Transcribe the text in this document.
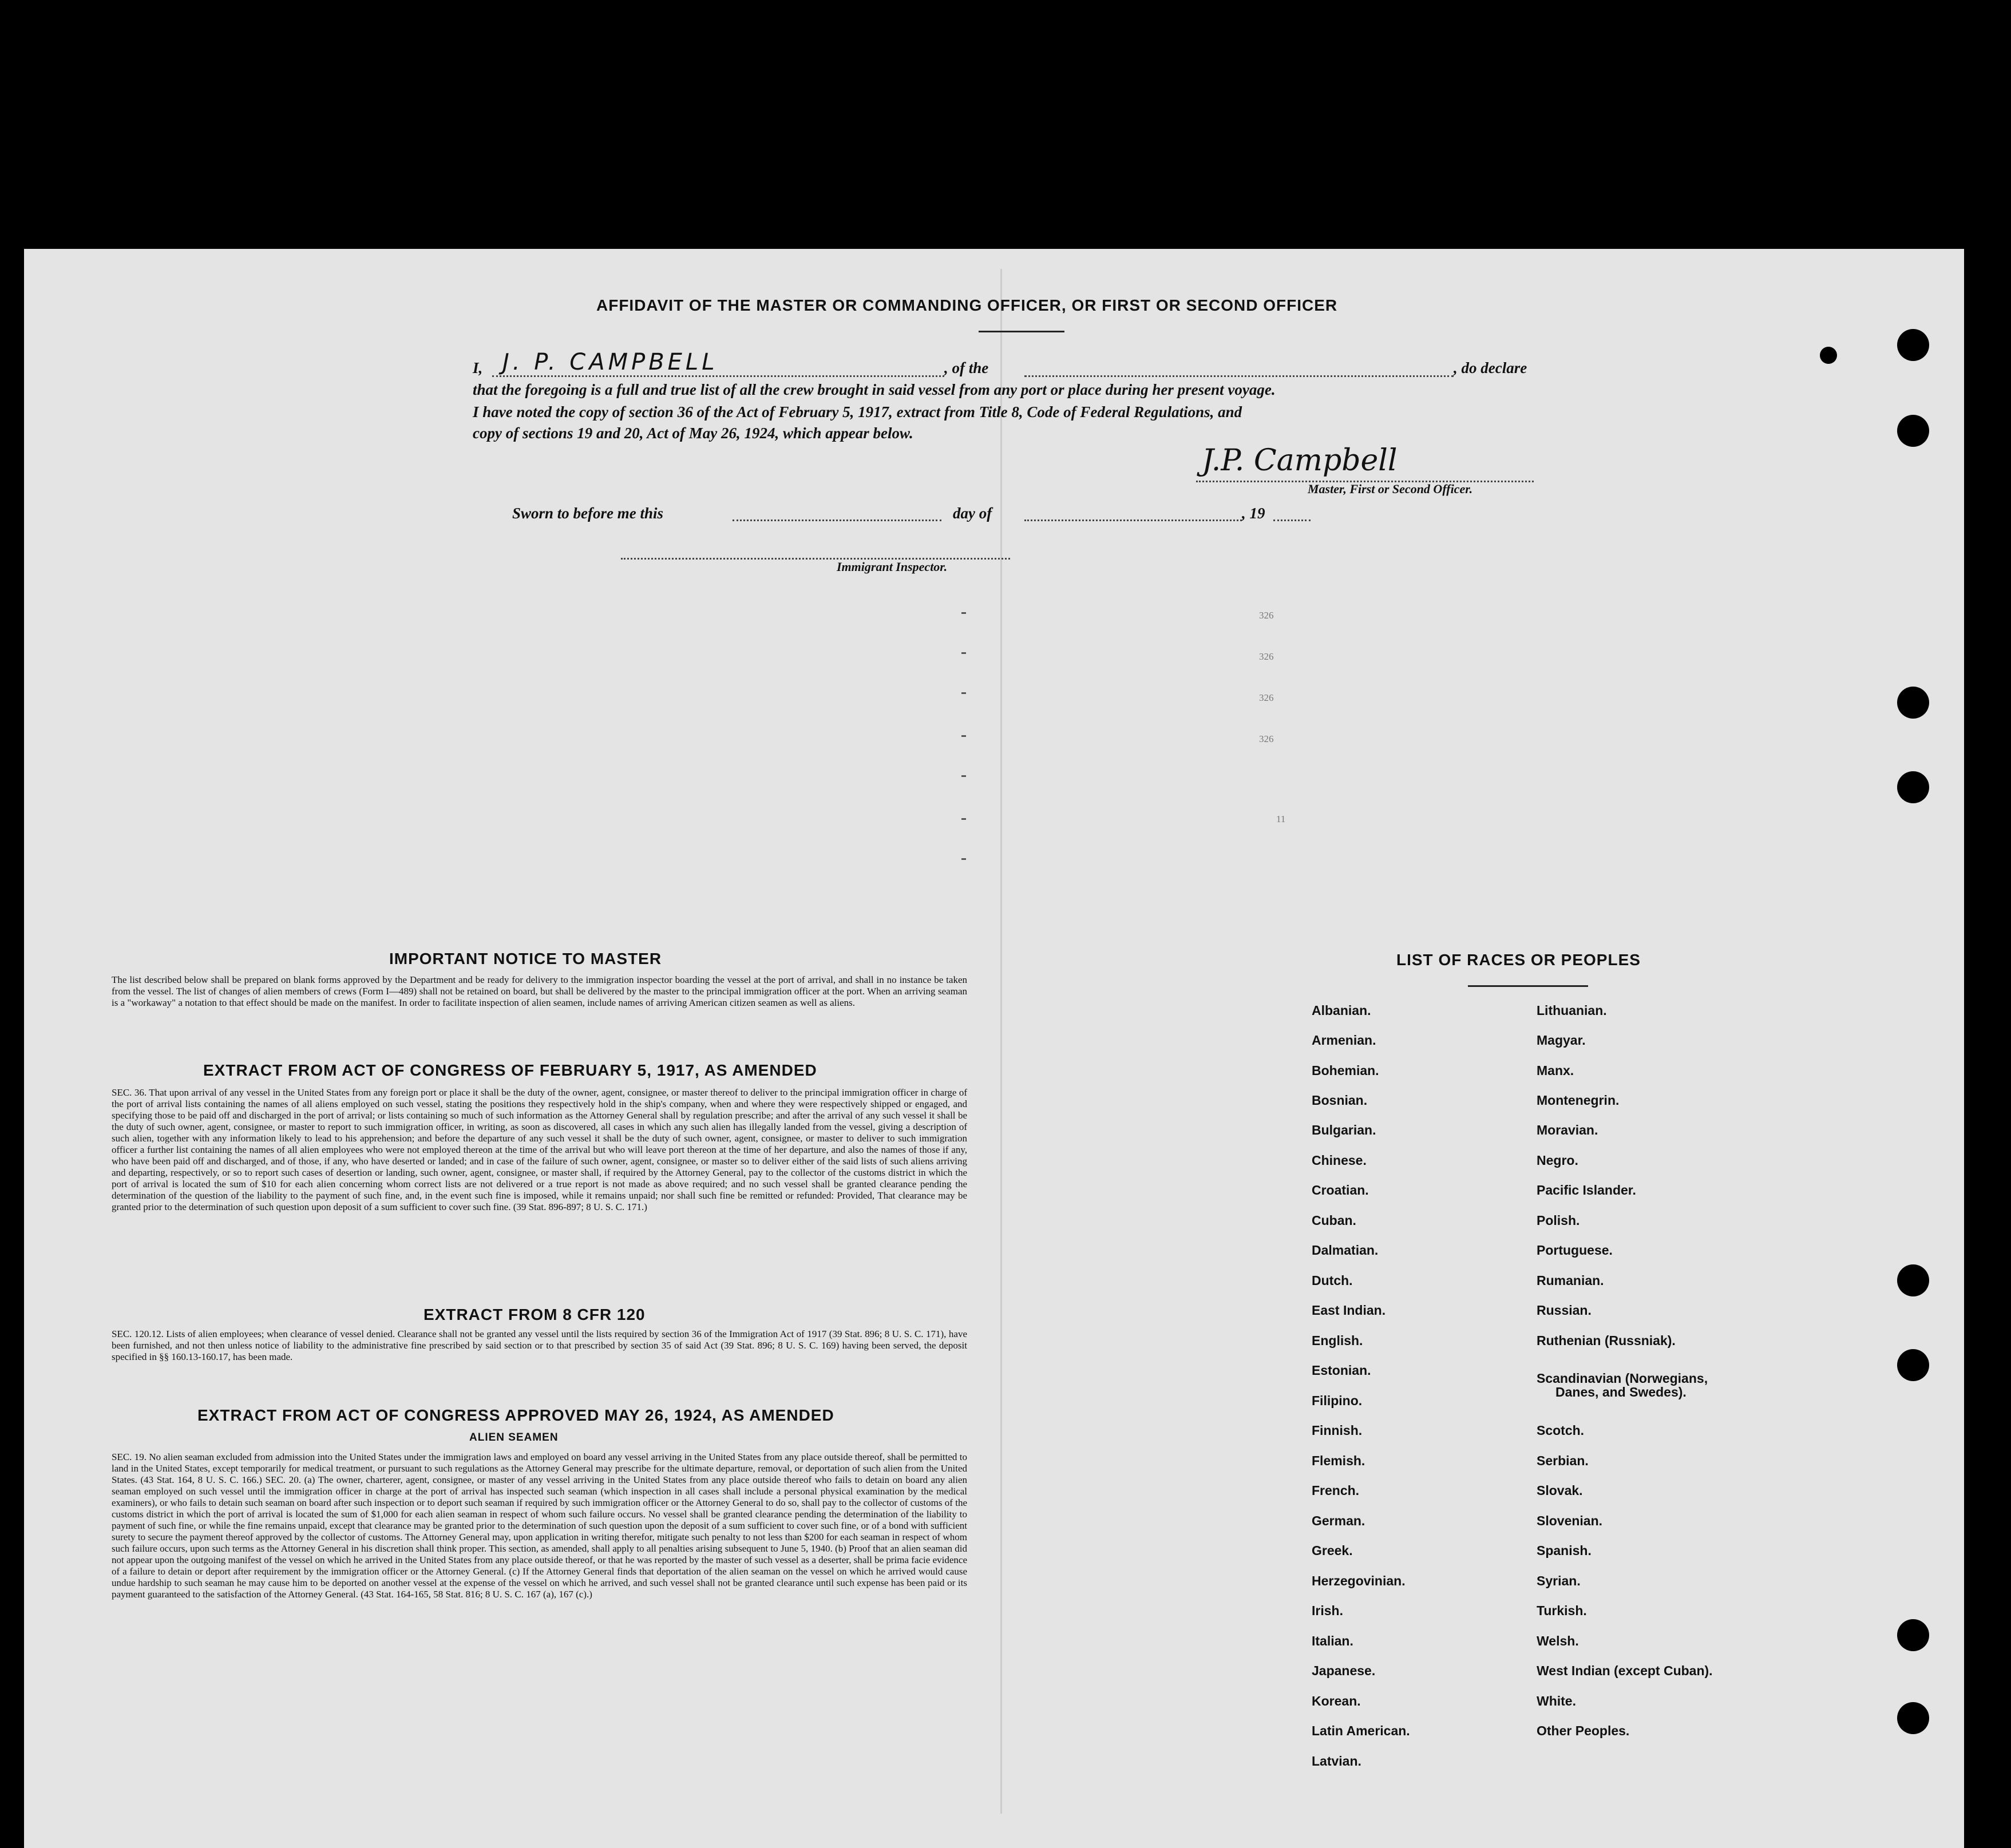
AFFIDAVIT OF THE MASTER OR COMMANDING OFFICER, OR FIRST OR SECOND OFFICER
I, J. P. CAMPBELL	, of the	, do declare
that the foregoing is a full and true list of all the crew brought in said vessel from any port or place during her present voyage.
I have noted the copy of section 36 of the Act of February 5, 1917, extract from Title 8, Code of Federal Regulations, and
copy of sections 19 and 20, Act of May 26, 1924, which appear below.
J.P. Campbell
Master, First or Second Officer.
Sworn to before me this	day of	, 19
Immigrant Inspector.
326
326
326
326
11
IMPORTANT NOTICE TO MASTER
The list described below shall be prepared on blank forms approved by the Department and be ready for delivery to the immigration inspector boarding the vessel at the port of arrival, and shall in no instance be taken from the vessel. The list of changes of alien members of crews (Form I—489) shall not be retained on board, but shall be delivered by the master to the principal immigration officer at the port. When an arriving seaman is a "workaway" a notation to that effect should be made on the manifest. In order to facilitate inspection of alien seamen, include names of arriving American citizen seamen as well as aliens.
EXTRACT FROM ACT OF CONGRESS OF FEBRUARY 5, 1917, AS AMENDED
SEC. 36. That upon arrival of any vessel in the United States from any foreign port or place it shall be the duty of the owner, agent, consignee, or master thereof to deliver to the principal immigration officer in charge of the port of arrival lists containing the names of all aliens employed on such vessel, stating the positions they respectively hold in the ship's company, when and where they were respectively shipped or engaged, and specifying those to be paid off and discharged in the port of arrival; or lists containing so much of such information as the Attorney General shall by regulation prescribe; and after the arrival of any such vessel it shall be the duty of such owner, agent, consignee, or master to report to such immigration officer, in writing, as soon as discovered, all cases in which any such alien has illegally landed from the vessel, giving a description of such alien, together with any information likely to lead to his apprehension; and before the departure of any such vessel it shall be the duty of such owner, agent, consignee, or master to deliver to such immigration officer a further list containing the names of all alien employees who were not employed thereon at the time of the arrival but who will leave port thereon at the time of her departure, and also the names of those if any, who have been paid off and discharged, and of those, if any, who have deserted or landed; and in case of the failure of such owner, agent, consignee, or master so to deliver either of the said lists of such aliens arriving and departing, respectively, or so to report such cases of desertion or landing, such owner, agent, consignee, or master shall, if required by the Attorney General, pay to the collector of the customs district in which the port of arrival is located the sum of $10 for each alien concerning whom correct lists are not delivered or a true report is not made as above required; and no such vessel shall be granted clearance pending the determination of the question of the liability to the payment of such fine, and, in the event such fine is imposed, while it remains unpaid; nor shall such fine be remitted or refunded: Provided, That clearance may be granted prior to the determination of such question upon deposit of a sum sufficient to cover such fine. (39 Stat. 896-897; 8 U. S. C. 171.)
EXTRACT FROM 8 CFR 120
SEC. 120.12. Lists of alien employees; when clearance of vessel denied. Clearance shall not be granted any vessel until the lists required by section 36 of the Immigration Act of 1917 (39 Stat. 896; 8 U. S. C. 171), have been furnished, and not then unless notice of liability to the administrative fine prescribed by said section or to that prescribed by section 35 of said Act (39 Stat. 896; 8 U. S. C. 169) having been served, the deposit specified in §§ 160.13-160.17, has been made.
EXTRACT FROM ACT OF CONGRESS APPROVED MAY 26, 1924, AS AMENDED
ALIEN SEAMEN
SEC. 19. No alien seaman excluded from admission into the United States under the immigration laws and employed on board any vessel arriving in the United States from any place outside thereof, shall be permitted to land in the United States, except temporarily for medical treatment, or pursuant to such regulations as the Attorney General may prescribe for the ultimate departure, removal, or deportation of such alien from the United States. (43 Stat. 164, 8 U. S. C. 166.) SEC. 20. (a) The owner, charterer, agent, consignee, or master of any vessel arriving in the United States from any place outside thereof who fails to detain on board any alien seaman employed on such vessel until the immigration officer in charge at the port of arrival has inspected such seaman (which inspection in all cases shall include a personal physical examination by the medical examiners), or who fails to detain such seaman on board after such inspection or to deport such seaman if required by such immigration officer or the Attorney General to do so, shall pay to the collector of customs of the customs district in which the port of arrival is located the sum of $1,000 for each alien seaman in respect of whom such failure occurs. No vessel shall be granted clearance pending the determination of the liability to payment of such fine, or while the fine remains unpaid, except that clearance may be granted prior to the determination of such question upon the deposit of a sum sufficient to cover such fine, or of a bond with sufficient surety to secure the payment thereof approved by the collector of customs. The Attorney General may, upon application in writing therefor, mitigate such penalty to not less than $200 for each seaman in respect of whom such failure occurs, upon such terms as the Attorney General in his discretion shall think proper. This section, as amended, shall apply to all penalties arising subsequent to June 5, 1940. (b) Proof that an alien seaman did not appear upon the outgoing manifest of the vessel on which he arrived in the United States from any place outside thereof, or that he was reported by the master of such vessel as a deserter, shall be prima facie evidence of a failure to detain or deport after requirement by the immigration officer or the Attorney General. (c) If the Attorney General finds that deportation of the alien seaman on the vessel on which he arrived would cause undue hardship to such seaman he may cause him to be deported on another vessel at the expense of the vessel on which he arrived, and such vessel shall not be granted clearance until such expense has been paid or its payment guaranteed to the satisfaction of the Attorney General. (43 Stat. 164-165, 58 Stat. 816; 8 U. S. C. 167 (a), 167 (c).)
LIST OF RACES OR PEOPLES
Albanian.
Armenian.
Bohemian.
Bosnian.
Bulgarian.
Chinese.
Croatian.
Cuban.
Dalmatian.
Dutch.
East Indian.
English.
Estonian.
Filipino.
Finnish.
Flemish.
French.
German.
Greek.
Herzegovinian.
Irish.
Italian.
Japanese.
Korean.
Latin American.
Latvian.
Lithuanian.
Magyar.
Manx.
Montenegrin.
Moravian.
Negro.
Pacific Islander.
Polish.
Portuguese.
Rumanian.
Russian.
Ruthenian (Russniak).
Scandinavian (Norwegians,
Danes, and Swedes).
Scotch.
Serbian.
Slovak.
Slovenian.
Spanish.
Syrian.
Turkish.
Welsh.
West Indian (except Cuban).
White.
Other Peoples.
